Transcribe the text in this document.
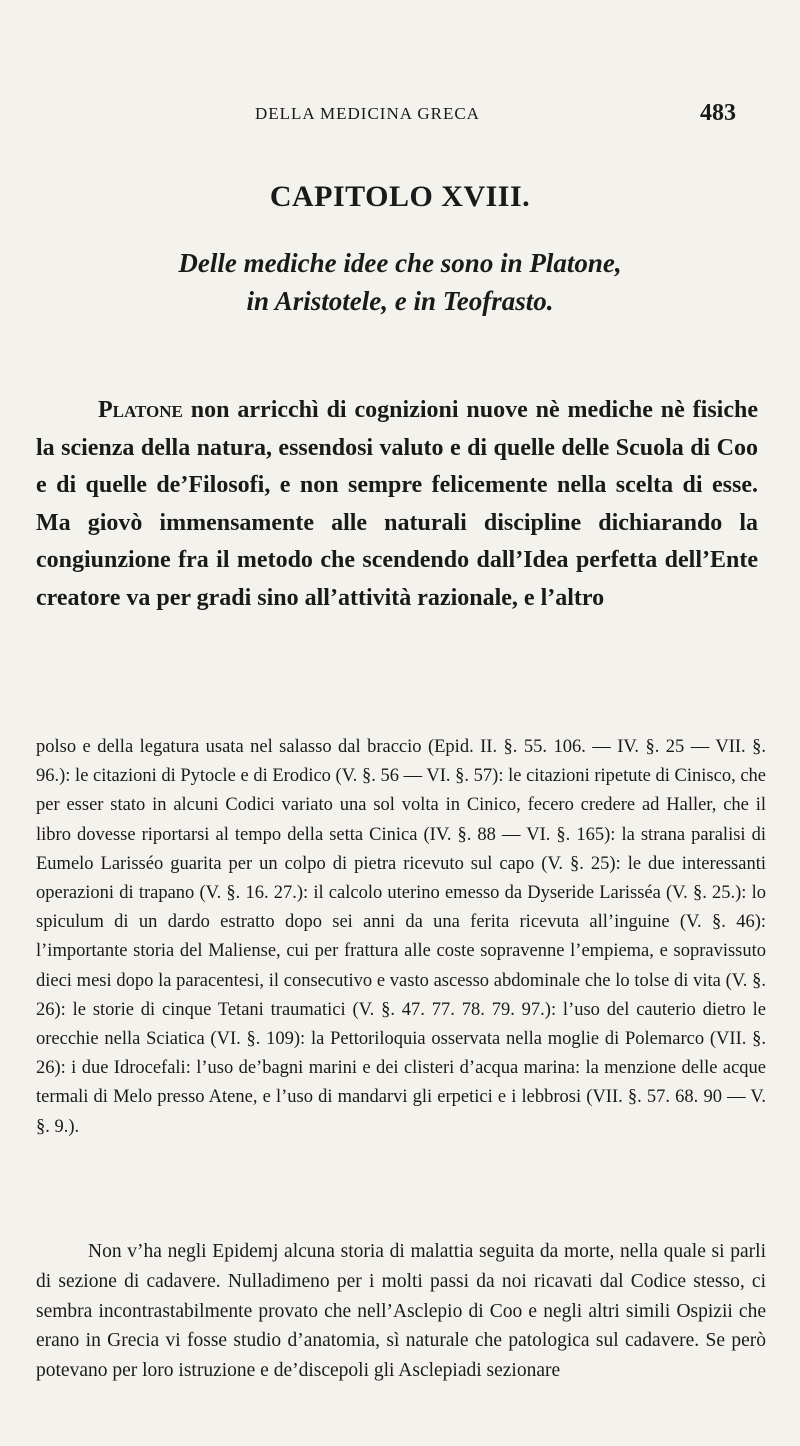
DELLA MEDICINA GRECA	483
CAPITOLO XVIII.
Delle mediche idee che sono in Platone,
in Aristotele, e in Teofrasto.

Platone non arricchì di cognizioni nuove nè mediche nè fisiche la scienza della natura, essendosi valuto e di quelle delle Scuola di Coo e di quelle de’Filosofi, e non sempre felicemente nella scelta di esse. Ma giovò immensamente alle naturali discipline dichiarando la congiunzione fra il metodo che scendendo dall’Idea perfetta dell’Ente creatore va per gradi sino all’attività razionale, e l’altro

polso e della legatura usata nel salasso dal braccio (Epid. II. §. 55. 106. — IV. §. 25 — VII. §. 96.): le citazioni di Pytocle e di Erodico (V. §. 56 — VI. §. 57): le citazioni ripetute di Cinisco, che per esser stato in alcuni Codici variato una sol volta in Cinico, fecero credere ad Haller, che il libro dovesse riportarsi al tempo della setta Cinica (IV. §. 88 — VI. §. 165): la strana paralisi di Eumelo Larisséo guarita per un colpo di pietra ricevuto sul capo (V. §. 25): le due interessanti operazioni di trapano (V. §. 16. 27.): il calcolo uterino emesso da Dyseride Larisséa (V. §. 25.): lo spiculum di un dardo estratto dopo sei anni da una ferita ricevuta all’inguine (V. §. 46): l’importante storia del Maliense, cui per frattura alle coste sopravenne l’empiema, e sopravissuto dieci mesi dopo la paracentesi, il consecutivo e vasto ascesso abdominale che lo tolse di vita (V. §. 26): le storie di cinque Tetani traumatici (V. §. 47. 77. 78. 79. 97.): l’uso del cauterio dietro le orecchie nella Sciatica (VI. §. 109): la Pettoriloquia osservata nella moglie di Polemarco (VII. §. 26): i due Idrocefali: l’uso de’bagni marini e dei clisteri d’acqua marina: la menzione delle acque termali di Melo presso Atene, e l’uso di mandarvi gli erpetici e i lebbrosi (VII. §. 57. 68. 90 — V. §. 9.).

Non v’ha negli Epidemj alcuna storia di malattia seguita da morte, nella quale si parli di sezione di cadavere. Nulladimeno per i molti passi da noi ricavati dal Codice stesso, ci sembra incontrastabilmente provato che nell’Asclepio di Coo e negli altri simili Ospizii che erano in Grecia vi fosse studio d’anatomia, sì naturale che patologica sul cadavere. Se però potevano per loro istruzione e de’discepoli gli Asclepiadi sezionare
